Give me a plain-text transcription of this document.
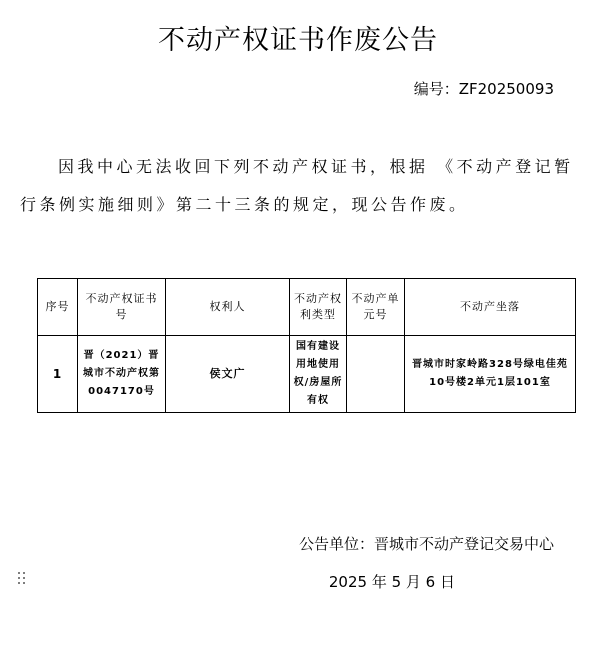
不动产权证书作废公告
编号：ZF20250093

因我中心无法收回下列不动产权证书，根据 《不动产登记暂行条例实施细则》第二十三条的规定，现公告作废。

序号	不动产权证书号	权利人	不动产权利类型	不动产单元号	不动产坐落
1	晋（2021）晋城市不动产权第0047170号	侯文广	国有建设用地使用权/房屋所有权		晋城市时家岭路328号绿电佳苑10号楼2单元1层101室
公告单位：晋城市不动产登记交易中心
2025 年 5 月 6 日
